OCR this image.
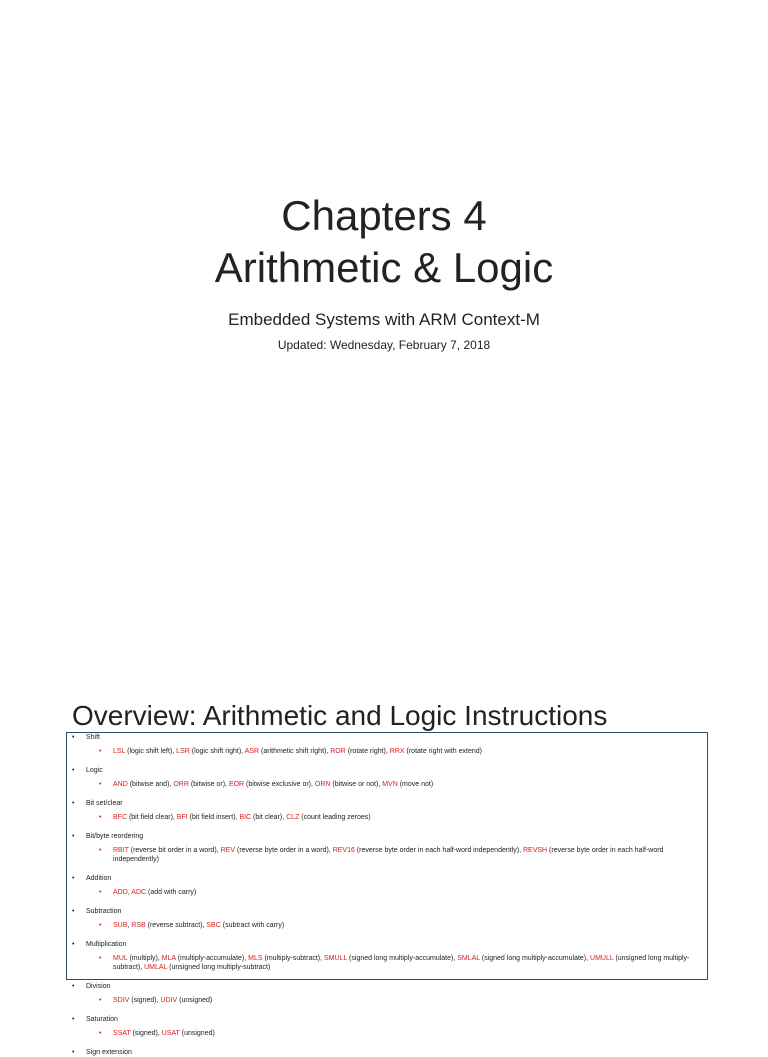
Chapters 4
Arithmetic & Logic
Embedded Systems with ARM Context-M
Updated: Wednesday, February 7, 2018
Overview: Arithmetic and Logic Instructions
• Shift
• LSL (logic shift left), LSR (logic shift right), ASR (arithmetic shift right), ROR (rotate right), RRX (rotate right with extend)
• Logic
• AND (bitwise and), ORR (bitwise or), EOR (bitwise exclusive or), ORN (bitwise or not), MVN (move not)
• Bit set/clear
• BFC (bit field clear), BFI (bit field insert), BIC (bit clear), CLZ (count leading zeroes)
• Bit/byte reordering
• RBIT (reverse bit order in a word), REV (reverse byte order in a word), REV16 (reverse byte order in each half-word independently), REVSH (reverse byte order in each half-word independently)
• Addition
• ADD, ADC (add with carry)
• Subtraction
• SUB, RSB (reverse subtract), SBC (subtract with carry)
• Multiplication
• MUL (multiply), MLA (multiply-accumulate), MLS (multiply-subtract), SMULL (signed long multiply-accumulate), SMLAL (signed long multiply-accumulate), UMULL (unsigned long multiply-subtract), UMLAL (unsigned long multiply-subtract)
• Division
• SDIV (signed), UDIV (unsigned)
• Saturation
• SSAT (signed), USAT (unsigned)
• Sign extension
